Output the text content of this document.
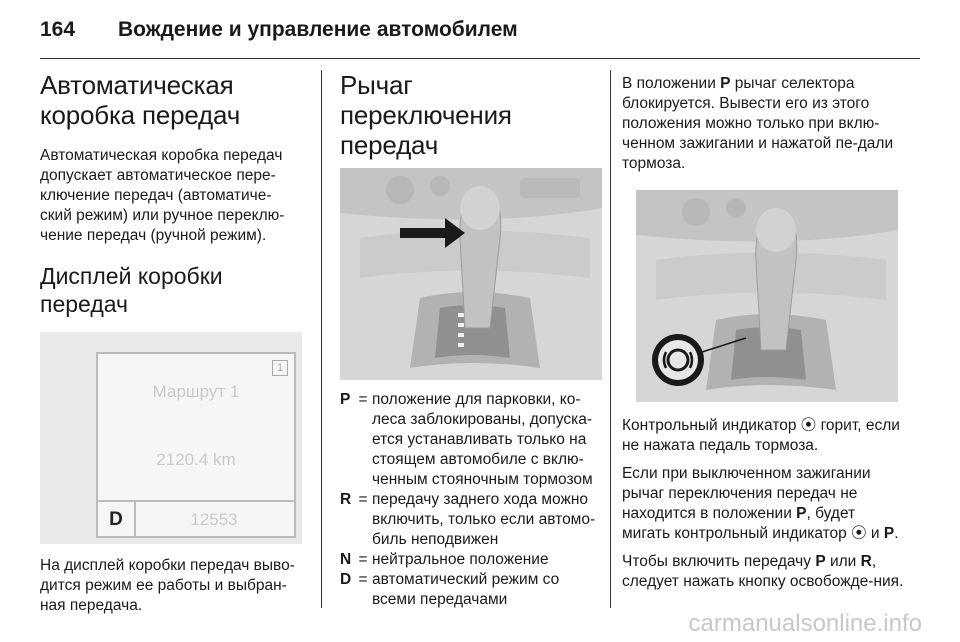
164 Вождение и управление автомобилем
Автоматическая коробка передач

Автоматическая коробка передач допускает автоматическое пере-ключение передач (автоматиче-ский режим) или ручное переклю-чение передач (ручной режим).

Дисплей коробки передач
1
Маршрут 1
2120.4 km
D	12553

На дисплей коробки передач выво-дится режим ее работы и выбран-ная передача.

Рычаг переключения передач
P = положение для парковки, ко-леса заблокированы, допуска-ется устанавливать только на стоящем автомобиле с вклю-ченным стояночным тормозом
R = передачу заднего хода можно включить, только если автомо-биль неподвижен
N = нейтральное положение
D = автоматический режим со всеми передачами

В положении P рычаг селектора блокируется. Вывести его из этого положения можно только при вклю-ченном зажигании и нажатой пе-дали тормоза.

Контрольный индикатор ⦿ горит, если не нажата педаль тормоза.

Если при выключенном зажигании рычаг переключения передач не находится в положении P, будет мигать контрольный индикатор ⦿ и P.

Чтобы включить передачу P или R, следует нажать кнопку освобожде-ния.

carmanualsonline.info
